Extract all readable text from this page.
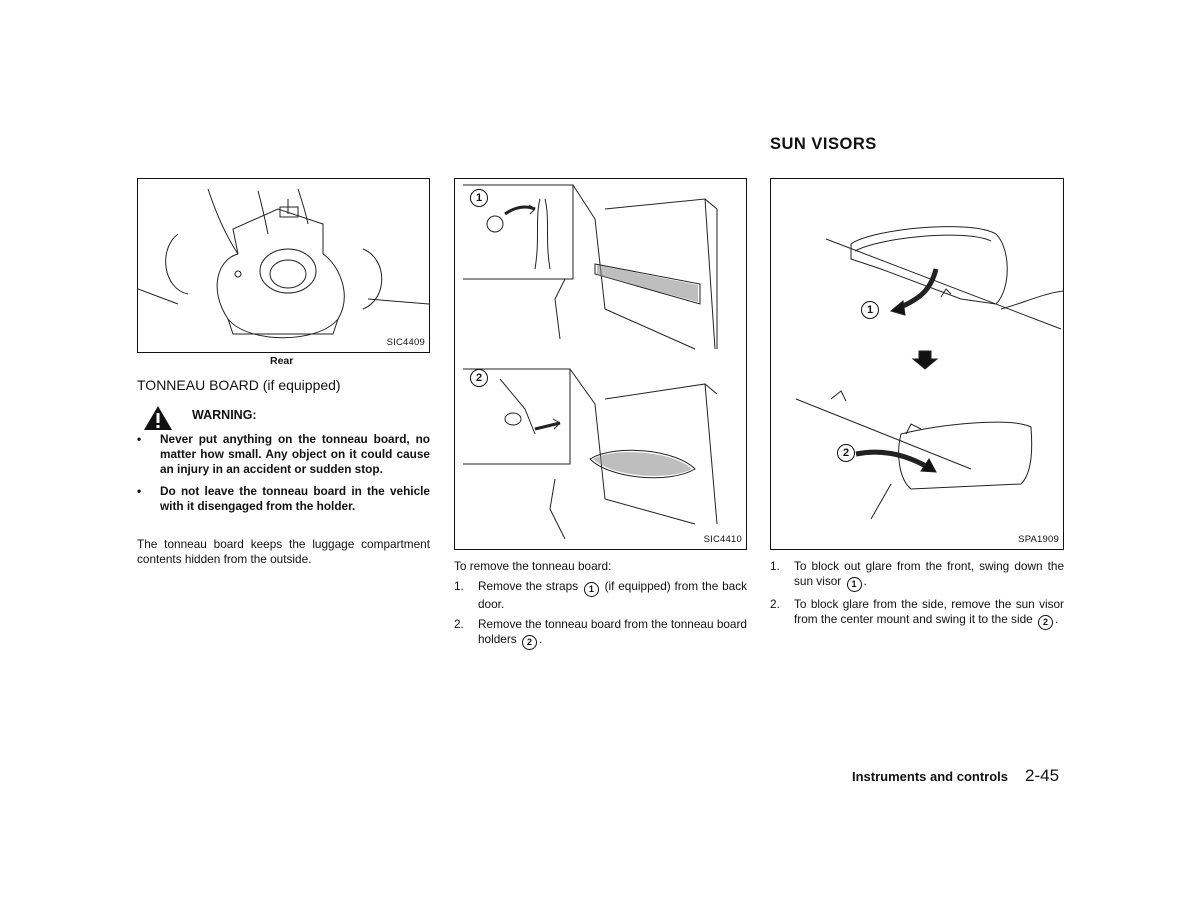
SIC4409
Rear
TONNEAU BOARD (if equipped)
WARNING:
• Never put anything on the tonneau board, no matter how small. Any object on it could cause an injury in an accident or sudden stop.
• Do not leave the tonneau board in the vehicle with it disengaged from the holder.
The tonneau board keeps the luggage compartment contents hidden from the outside.
1
2
SIC4410
To remove the tonneau board:
1. Remove the straps 1 (if equipped) from the back door.
2. Remove the tonneau board from the tonneau board holders 2 .
SUN VISORS
1
2
SPA1909
1. To block out glare from the front, swing down the sun visor 1 .
2. To block glare from the side, remove the sun visor from the center mount and swing it to the side 2 .
Instruments and controls 2-45
